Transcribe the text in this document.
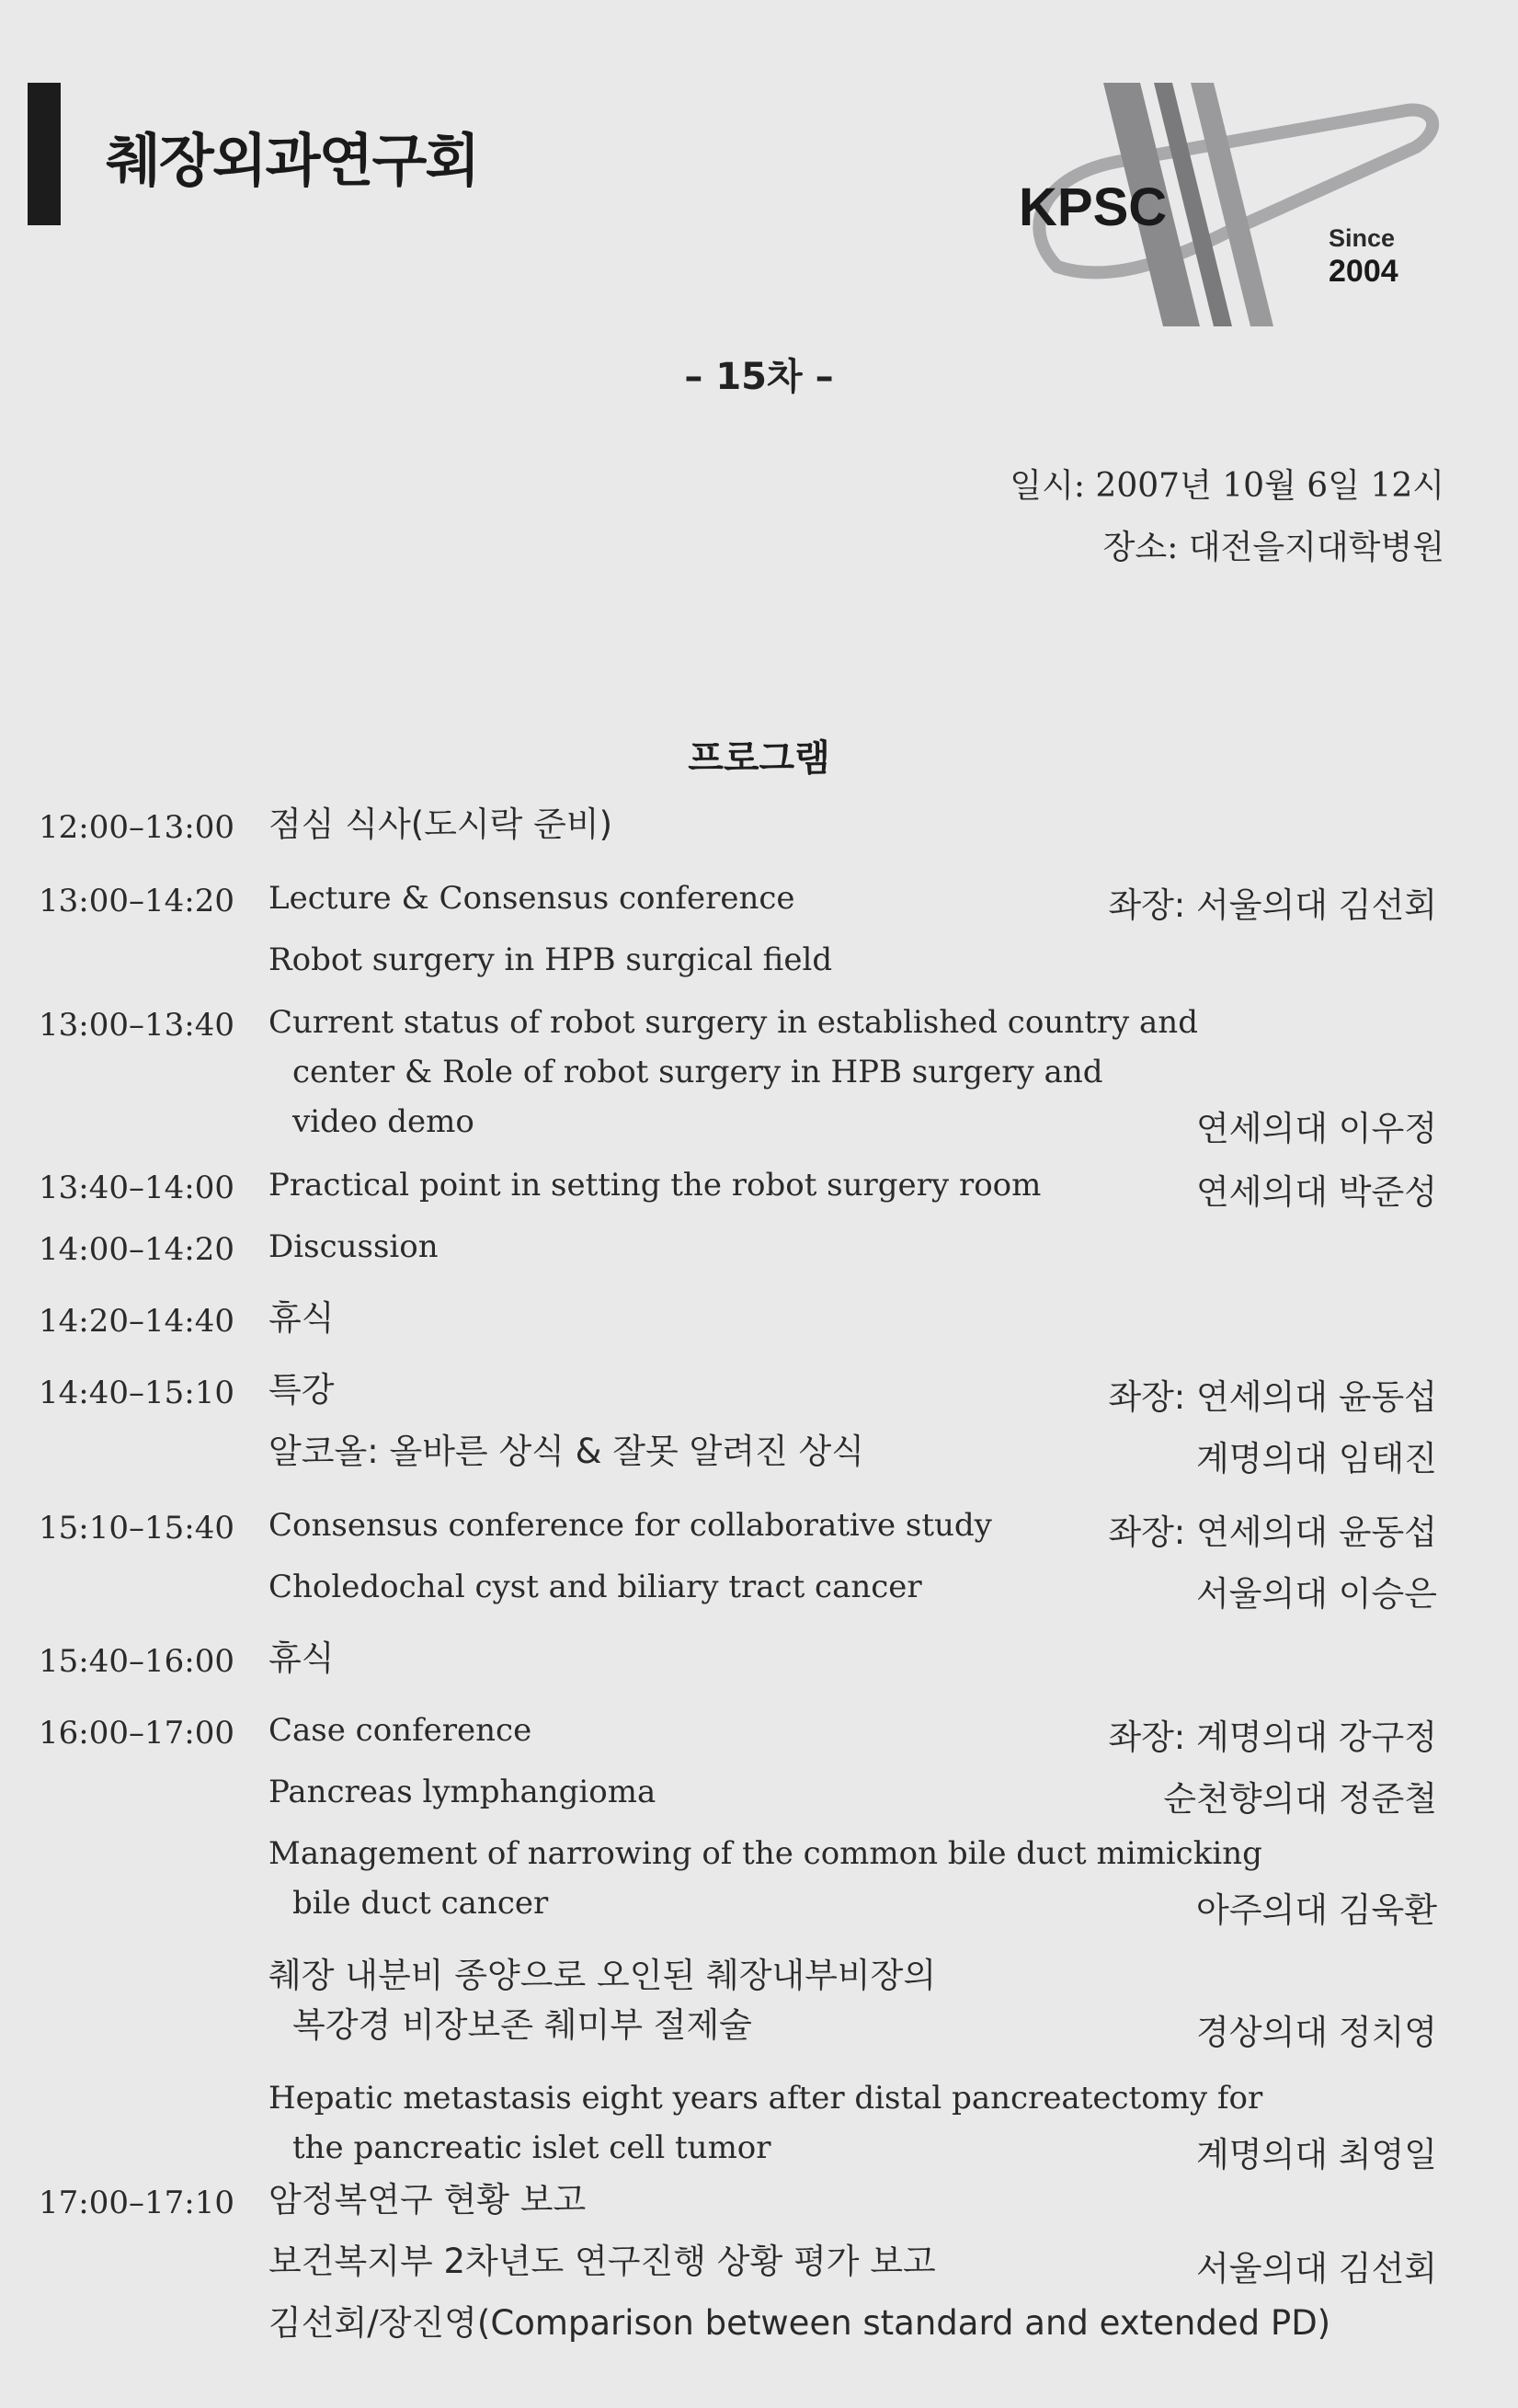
췌장외과연구회
KPSC
Since
2004
– 15차 –
일시: 2007년 10월 6일 12시
장소: 대전을지대학병원
프로그램
12:00–13:00 점심 식사(도시락 준비)
13:00–14:20 Lecture & Consensus conference	좌장: 서울의대 김선회
Robot surgery in HPB surgical field
13:00–13:40 Current status of robot surgery in established country and
center & Role of robot surgery in HPB surgery and
video demo	연세의대 이우정
13:40–14:00 Practical point in setting the robot surgery room	연세의대 박준성
14:00–14:20 Discussion
14:20–14:40 휴식
14:40–15:10 특강	좌장: 연세의대 윤동섭
알코올: 올바른 상식 & 잘못 알려진 상식	계명의대 임태진
15:10–15:40 Consensus conference for collaborative study	좌장: 연세의대 윤동섭
Choledochal cyst and biliary tract cancer	서울의대 이승은
15:40–16:00 휴식
16:00–17:00 Case conference	좌장: 계명의대 강구정
Pancreas lymphangioma	순천향의대 정준철
Management of narrowing of the common bile duct mimicking
bile duct cancer	아주의대 김욱환
췌장 내분비 종양으로 오인된 췌장내부비장의
복강경 비장보존 췌미부 절제술	경상의대 정치영
Hepatic metastasis eight years after distal pancreatectomy for
the pancreatic islet cell tumor	계명의대 최영일
17:00–17:10 암정복연구 현황 보고
보건복지부 2차년도 연구진행 상황 평가 보고	서울의대 김선회
김선회/장진영(Comparison between standard and extended PD)
